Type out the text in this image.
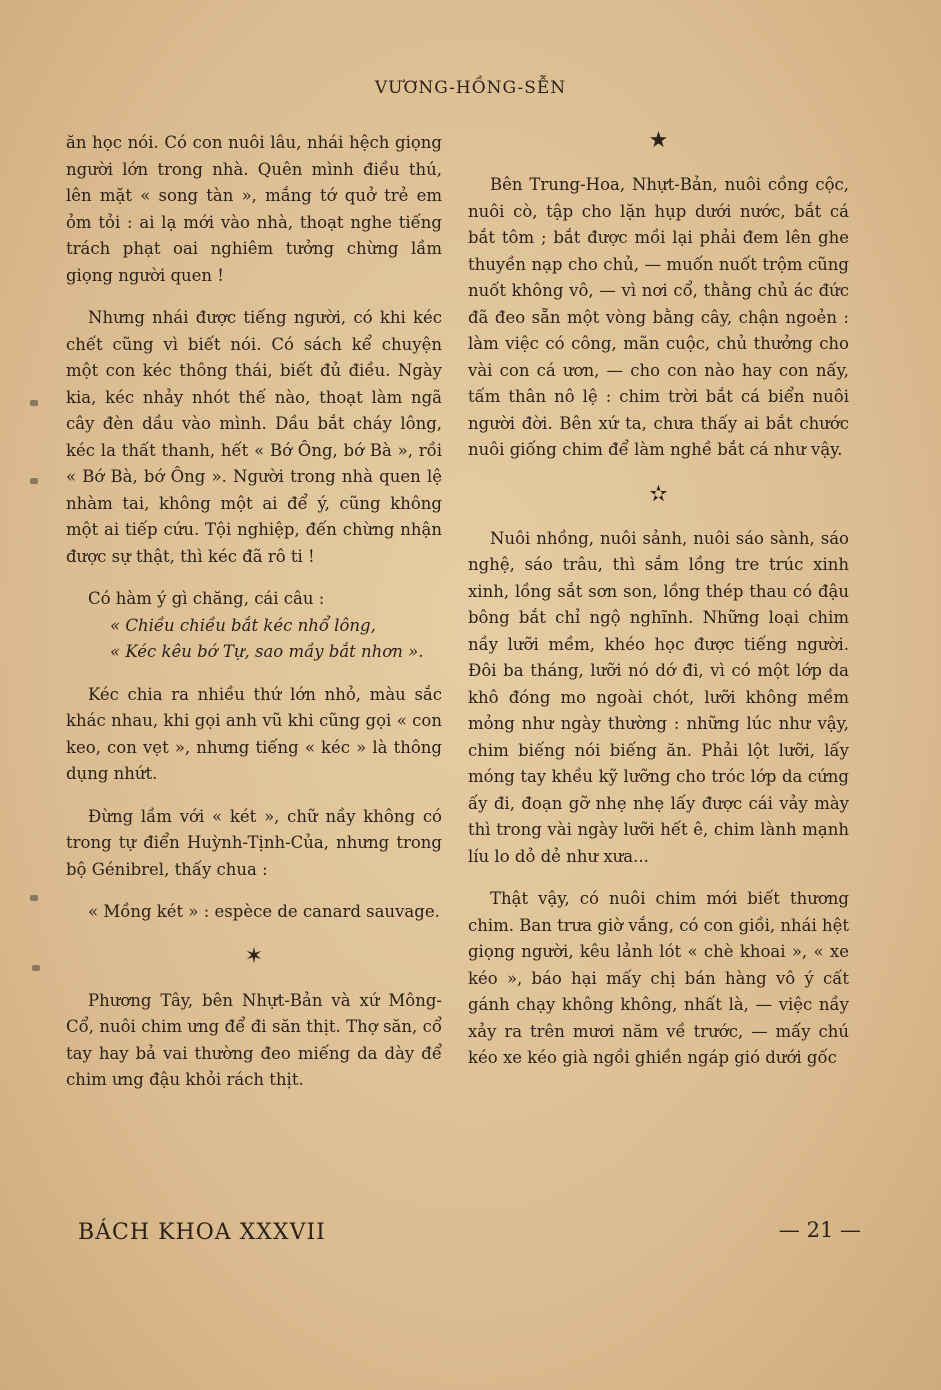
VƯƠNG-HỒNG-SỄN

ăn học nói. Có con nuôi lâu, nhái hệch giọng người lớn trong nhà. Quên mình điều thú, lên mặt « song tàn », mắng tớ quở trẻ em ỏm tỏi : ai lạ mới vào nhà, thoạt nghe tiếng trách phạt oai nghiêm tưởng chừng lầm giọng người quen !

Nhưng nhái được tiếng người, có khi kéc chết cũng vì biết nói. Có sách kể chuyện một con kéc thông thái, biết đủ điều. Ngày kia, kéc nhảy nhót thế nào, thoạt làm ngã cây đèn dầu vào mình. Dầu bắt cháy lông, kéc la thất thanh, hết « Bớ Ông, bớ Bà », rồi « Bớ Bà, bớ Ông ». Người trong nhà quen lệ nhàm tai, không một ai để ý, cũng không một ai tiếp cứu. Tội nghiệp, đến chừng nhận được sự thật, thì kéc đã rô ti !

Có hàm ý gì chăng, cái câu :

« Chiều chiều bắt kéc nhổ lông,

« Kéc kêu bớ Tự, sao mầy bắt nhơn ».

Kéc chia ra nhiều thứ lớn nhỏ, màu sắc khác nhau, khi gọi anh vũ khi cũng gọi « con keo, con vẹt », nhưng tiếng « kéc » là thông dụng nhứt.

Đừng lầm với « két », chữ nầy không có trong tự điển Huỳnh-Tịnh-Của, nhưng trong bộ Génibrel, thấy chua :

« Mồng két » : espèce de canard sauvage.

✶

Phương Tây, bên Nhựt-Bản và xứ Mông-Cổ, nuôi chim ưng để đi săn thịt. Thợ săn, cổ tay hay bả vai thường đeo miếng da dày để chim ưng đậu khỏi rách thịt.

★

Bên Trung-Hoa, Nhựt-Bản, nuôi cồng cộc, nuôi cò, tập cho lặn hụp dưới nước, bắt cá bắt tôm ; bắt được mồi lại phải đem lên ghe thuyền nạp cho chủ, — muốn nuốt trộm cũng nuốt không vô, — vì nơi cổ, thằng chủ ác đức đã đeo sẵn một vòng bằng cây, chận ngoẻn : làm việc có công, mãn cuộc, chủ thưởng cho vài con cá ươn, — cho con nào hay con nấy, tấm thân nô lệ : chim trời bắt cá biển nuôi người đời. Bên xứ ta, chưa thấy ai bắt chước nuôi giống chim để làm nghề bắt cá như vậy.

✫

Nuôi nhồng, nuôi sảnh, nuôi sáo sành, sáo nghệ, sáo trâu, thì sắm lồng tre trúc xinh xinh, lồng sắt sơn son, lồng thép thau có đậu bông bắt chỉ ngộ nghĩnh. Những loại chim nầy lưỡi mềm, khéo học được tiếng người. Đôi ba tháng, lưỡi nó dớ đi, vì có một lớp da khô đóng mo ngoài chót, lưỡi không mềm mỏng như ngày thường : những lúc như vậy, chim biếng nói biếng ăn. Phải lột lưỡi, lấy móng tay khều kỹ lưỡng cho tróc lớp da cứng ấy đi, đoạn gỡ nhẹ nhẹ lấy được cái vảy mày thì trong vài ngày lưỡi hết ê, chim lành mạnh líu lo dỏ dẻ như xưa...

Thật vậy, có nuôi chim mới biết thương chim. Ban trưa giờ vắng, có con giồi, nhái hệt giọng người, kêu lảnh lót « chè khoai », « xe kéo », báo hại mấy chị bán hàng vô ý cất gánh chạy không không, nhất là, — việc nầy xảy ra trên mươi năm về trước, — mấy chú kéo xe kéo già ngồi ghiền ngáp gió dưới gốc

BÁCH KHOA XXXVII	— 21 —
